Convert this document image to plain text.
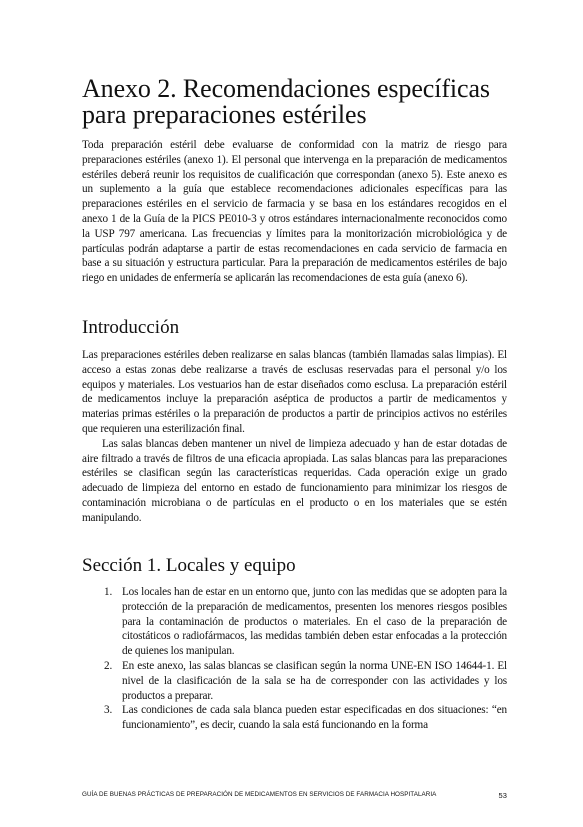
Anexo 2. Recomendaciones específicas para preparaciones estériles

Toda preparación estéril debe evaluarse de conformidad con la matriz de riesgo para preparaciones estériles (anexo 1). El personal que intervenga en la preparación de medicamentos estériles deberá reunir los requisitos de cualificación que correspondan (anexo 5). Este anexo es un suplemento a la guía que establece recomendaciones adicionales específicas para las preparaciones estériles en el servicio de farmacia y se basa en los estándares recogidos en el anexo 1 de la Guía de la PICS PE010-3 y otros estándares internacionalmente reconocidos como la USP 797 americana. Las frecuencias y límites para la monitorización microbiológica y de partículas podrán adaptarse a partir de estas recomendaciones en cada servicio de farmacia en base a su situación y estructura particular. Para la preparación de medicamentos estériles de bajo riego en unidades de enfermería se aplicarán las recomendaciones de esta guía (anexo 6).

Introducción

Las preparaciones estériles deben realizarse en salas blancas (también llamadas salas limpias). El acceso a estas zonas debe realizarse a través de esclusas reservadas para el personal y/o los equipos y materiales. Los vestuarios han de estar diseñados como esclusa. La preparación estéril de medicamentos incluye la preparación aséptica de productos a partir de medicamentos y materias primas estériles o la preparación de productos a partir de principios activos no estériles que requieren una esterilización final.

Las salas blancas deben mantener un nivel de limpieza adecuado y han de estar dotadas de aire filtrado a través de filtros de una eficacia apropiada. Las salas blancas para las preparaciones estériles se clasifican según las características requeridas. Cada operación exige un grado adecuado de limpieza del entorno en estado de funcionamiento para minimizar los riesgos de contaminación microbiana o de partículas en el producto o en los materiales que se estén manipulando.

Sección 1. Locales y equipo
1. Los locales han de estar en un entorno que, junto con las medidas que se adopten para la protección de la preparación de medicamentos, presenten los menores riesgos posibles para la contaminación de productos o materiales. En el caso de la preparación de citostáticos o radiofármacos, las medidas también deben estar enfocadas a la protección de quienes los manipulan.
2. En este anexo, las salas blancas se clasifican según la norma UNE-EN ISO 14644-1. El nivel de la clasificación de la sala se ha de corresponder con las actividades y los productos a preparar.
3. Las condiciones de cada sala blanca pueden estar especificadas en dos situaciones: “en funcionamiento”, es decir, cuando la sala está funcionando en la forma
GUÍA DE BUENAS PRÁCTICAS DE PREPARACIÓN DE MEDICAMENTOS EN SERVICIOS DE FARMACIA HOSPITALARIA	53
